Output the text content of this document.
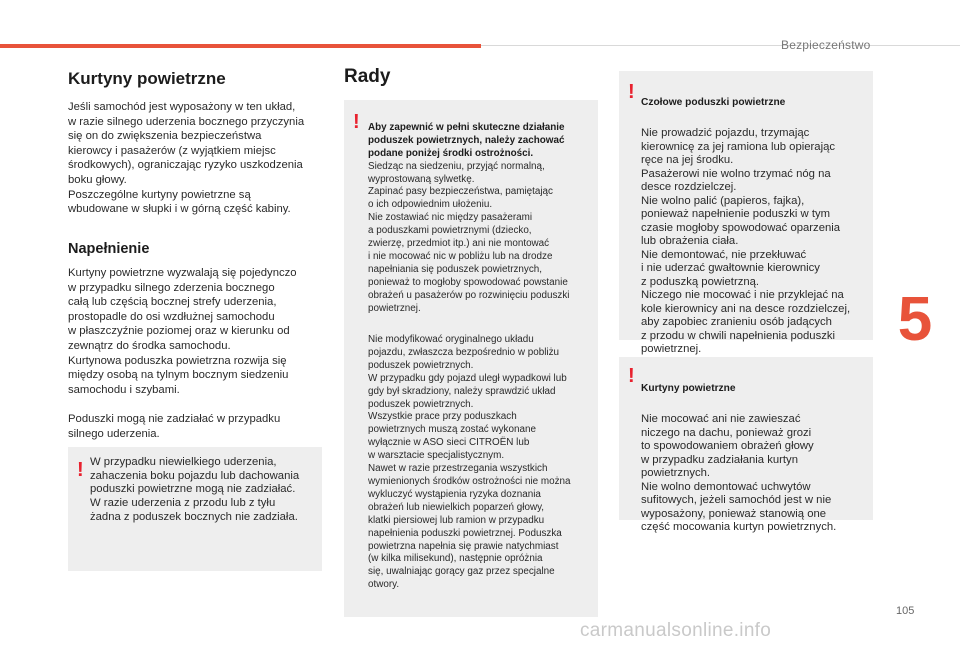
Bezpieczeństwo
5
105
carmanualsonline.info
Kurtyny powietrzne

Jeśli samochód jest wyposażony w ten układ,
w razie silnego uderzenia bocznego przyczynia
się on do zwiększenia bezpieczeństwa
kierowcy i pasażerów (z wyjątkiem miejsc
środkowych), ograniczając ryzyko uszkodzenia
boku głowy.
Poszczególne kurtyny powietrzne są
wbudowane w słupki i w górną część kabiny.

Napełnienie

Kurtyny powietrzne wyzwalają się pojedynczo
w przypadku silnego zderzenia bocznego
całą lub częścią bocznej strefy uderzenia,
prostopadle do osi wzdłużnej samochodu
w płaszczyźnie poziomej oraz w kierunku od
zewnątrz do środka samochodu.
Kurtynowa poduszka powietrzna rozwija się
między osobą na tylnym bocznym siedzeniu
samochodu i szybami.

Poduszki mogą nie zadziałać w przypadku
silnego uderzenia.

! W przypadku niewielkiego uderzenia,
zahaczenia boku pojazdu lub dachowania
poduszki powietrzne mogą nie zadziałać.
W razie uderzenia z przodu lub z tyłu
żadna z poduszek bocznych nie zadziała.
Rady
! Aby zapewnić w pełni skuteczne działanie
poduszek powietrznych, należy zachować
podane poniżej środki ostrożności.
Siedząc na siedzeniu, przyjąć normalną,
wyprostowaną sylwetkę.
Zapinać pasy bezpieczeństwa, pamiętając
o ich odpowiednim ułożeniu.
Nie zostawiać nic między pasażerami
a poduszkami powietrznymi (dziecko,
zwierzę, przedmiot itp.) ani nie montować
i nie mocować nic w pobliżu lub na drodze
napełniania się poduszek powietrznych,
ponieważ to mogłoby spowodować powstanie
obrażeń u pasażerów po rozwinięciu poduszki
powietrznej.

Nie modyfikować oryginalnego układu
pojazdu, zwłaszcza bezpośrednio w pobliżu
poduszek powietrznych.
W przypadku gdy pojazd uległ wypadkowi lub
gdy był skradziony, należy sprawdzić układ
poduszek powietrznych.
Wszystkie prace przy poduszkach
powietrznych muszą zostać wykonane
wyłącznie w ASO sieci CITROËN lub
w warsztacie specjalistycznym.
Nawet w razie przestrzegania wszystkich
wymienionych środków ostrożności nie można
wykluczyć wystąpienia ryzyka doznania
obrażeń lub niewielkich poparzeń głowy,
klatki piersiowej lub ramion w przypadku
napełnienia poduszki powietrznej. Poduszka
powietrzna napełnia się prawie natychmiast
(w kilka milisekund), następnie opróżnia
się, uwalniając gorący gaz przez specjalne
otwory.
! Czołowe poduszki powietrzne

Nie prowadzić pojazdu, trzymając
kierownicę za jej ramiona lub opierając
ręce na jej środku.
Pasażerowi nie wolno trzymać nóg na
desce rozdzielczej.
Nie wolno palić (papieros, fajka),
ponieważ napełnienie poduszki w tym
czasie mogłoby spowodować oparzenia
lub obrażenia ciała.
Nie demontować, nie przekłuwać
i nie uderzać gwałtownie kierownicy
z poduszką powietrzną.
Niczego nie mocować i nie przyklejać na
kole kierownicy ani na desce rozdzielczej,
aby zapobiec zranieniu osób jadących
z przodu w chwili napełnienia poduszki
powietrznej.

!

Kurtyny powietrzne

Nie mocować ani nie zawieszać
niczego na dachu, ponieważ grozi
to spowodowaniem obrażeń głowy
w przypadku zadziałania kurtyn
powietrznych.
Nie wolno demontować uchwytów
sufitowych, jeżeli samochód jest w nie
wyposażony, ponieważ stanowią one
część mocowania kurtyn powietrznych.
